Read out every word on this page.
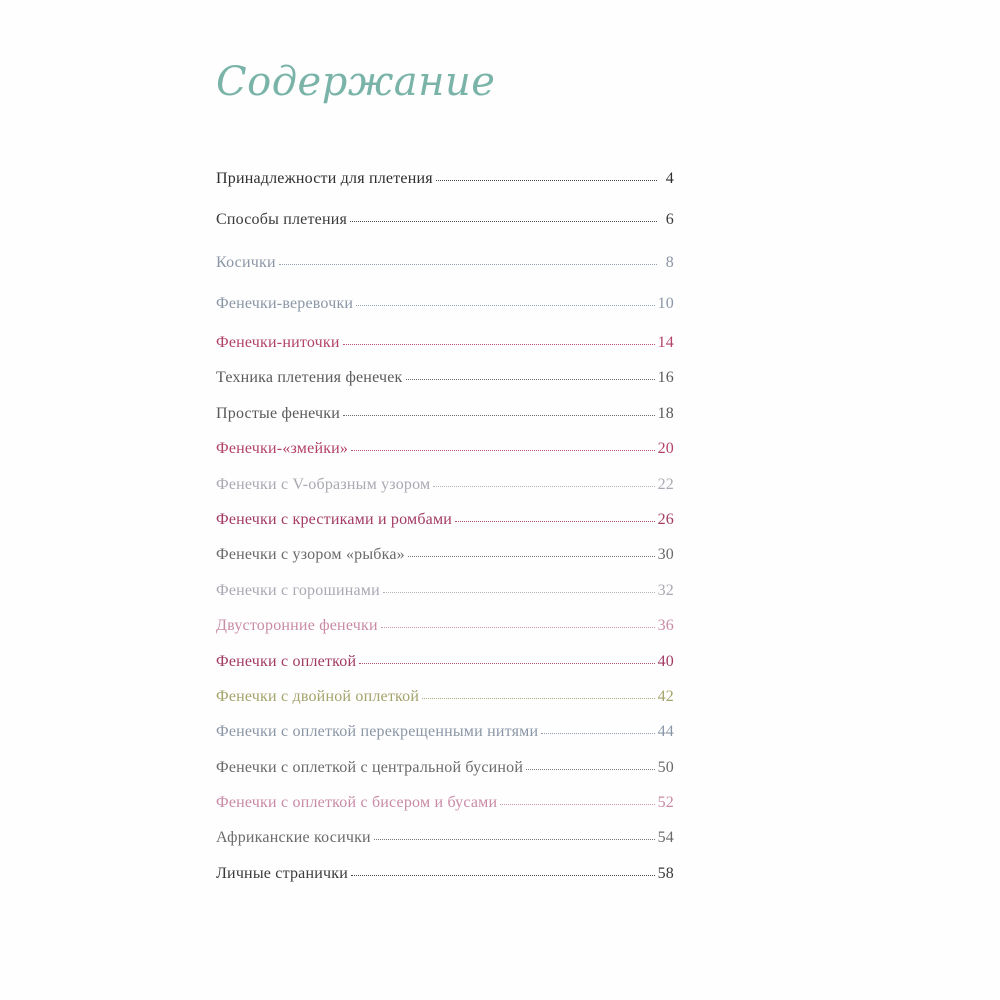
Содержание
Принадлежности для плетения	4
Способы плетения	6
Косички	8
Фенечки-веревочки	10
Фенечки-ниточки	14
Техника плетения фенечек	16
Простые фенечки	18
Фенечки-«змейки»	20
Фенечки с V-образным узором	22
Фенечки с крестиками и ромбами	26
Фенечки с узором «рыбка»	30
Фенечки с горошинами	32
Двусторонние фенечки	36
Фенечки с оплеткой	40
Фенечки с двойной оплеткой	42
Фенечки с оплеткой перекрещенными нитями	44
Фенечки с оплеткой с центральной бусиной	50
Фенечки с оплеткой с бисером и бусами	52
Африканские косички	54
Личные странички	58
